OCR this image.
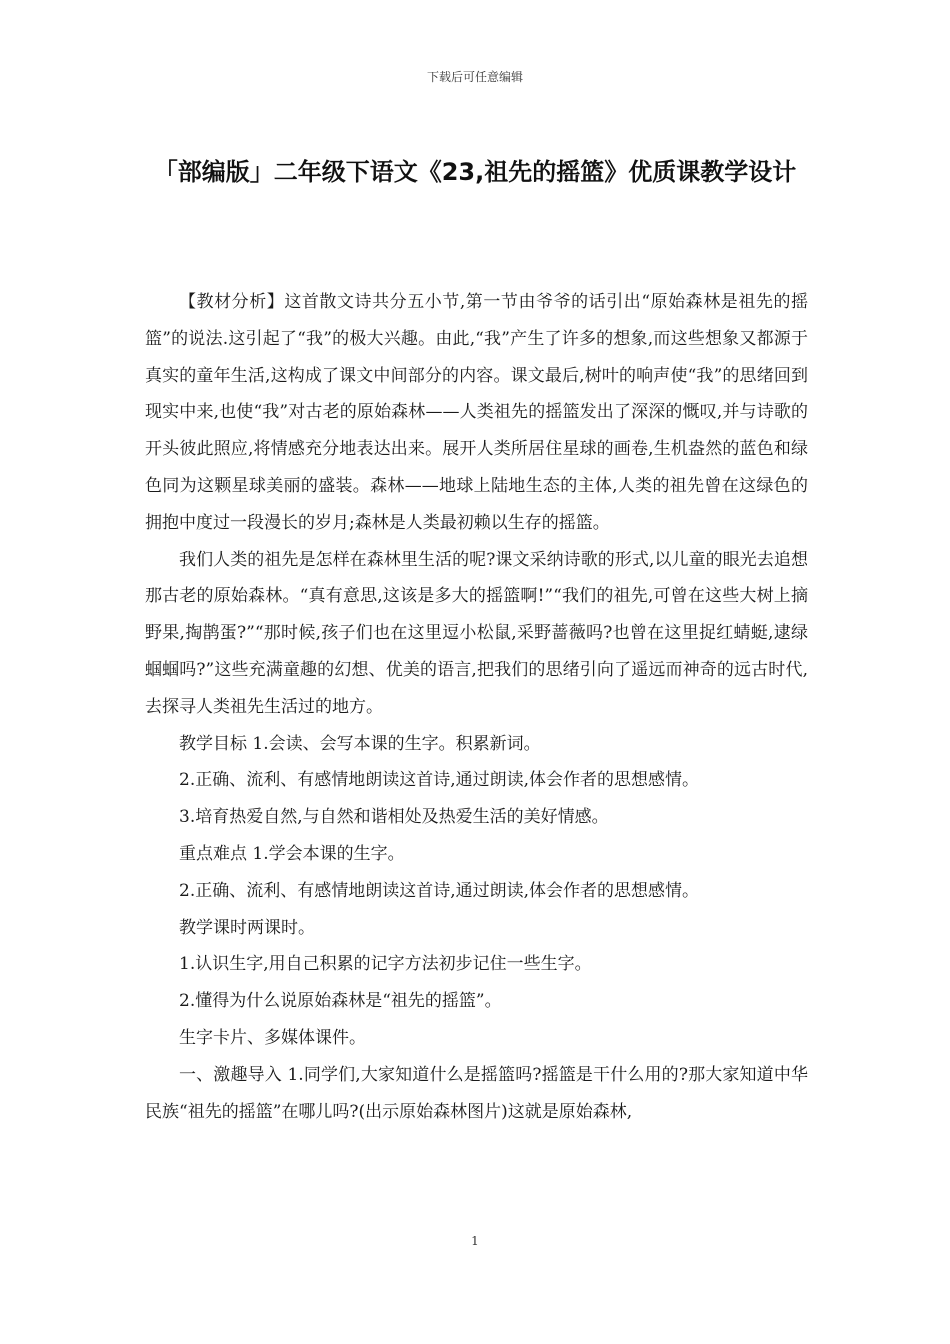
下载后可任意编辑
「部编版」二年级下语文《23,祖先的摇篮》优质课教学设计

【教材分析】这首散文诗共分五小节,第一节由爷爷的话引出“原始森林是祖先的摇篮”的说法.这引起了“我”的极大兴趣。由此,“我”产生了许多的想象,而这些想象又都源于真实的童年生活,这构成了课文中间部分的内容。课文最后,树叶的响声使“我”的思绪回到现实中来,也使“我”对古老的原始森林——人类祖先的摇篮发出了深深的慨叹,并与诗歌的开头彼此照应,将情感充分地表达出来。展开人类所居住星球的画卷,生机盎然的蓝色和绿色同为这颗星球美丽的盛装。森林——地球上陆地生态的主体,人类的祖先曾在这绿色的拥抱中度过一段漫长的岁月;森林是人类最初赖以生存的摇篮。

我们人类的祖先是怎样在森林里生活的呢?课文采纳诗歌的形式,以儿童的眼光去追想那古老的原始森林。“真有意思,这该是多大的摇篮啊!”“我们的祖先,可曾在这些大树上摘野果,掏鹊蛋?”“那时候,孩子们也在这里逗小松鼠,采野蔷薇吗?也曾在这里捉红蜻蜓,逮绿蝈蝈吗?”这些充满童趣的幻想、优美的语言,把我们的思绪引向了遥远而神奇的远古时代,去探寻人类祖先生活过的地方。

教学目标 1.会读、会写本课的生字。积累新词。

2.正确、流利、有感情地朗读这首诗,通过朗读,体会作者的思想感情。

3.培育热爱自然,与自然和谐相处及热爱生活的美好情感。

重点难点 1.学会本课的生字。

2.正确、流利、有感情地朗读这首诗,通过朗读,体会作者的思想感情。

教学课时两课时。

1.认识生字,用自己积累的记字方法初步记住一些生字。

2.懂得为什么说原始森林是“祖先的摇篮”。

生字卡片、多媒体课件。

一、激趣导入 1.同学们,大家知道什么是摇篮吗?摇篮是干什么用的?那大家知道中华民族“祖先的摇篮”在哪儿吗?(出示原始森林图片)这就是原始森林,

1
